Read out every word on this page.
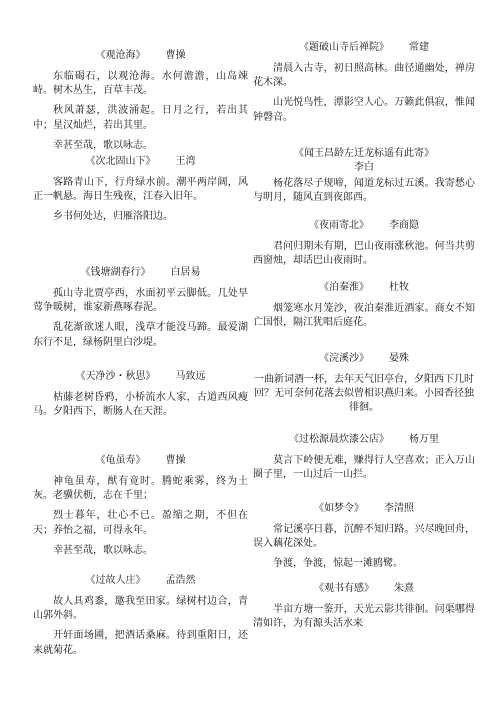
《观沧海》 曹操

东临碣石，以观沧海。水何澹澹，山岛竦峙。树木丛生，百草丰茂。

秋风萧瑟，洪波涌起。日月之行，若出其中；星汉灿烂，若出其里。

幸甚至哉，歌以咏志。

《次北固山下》 王湾

客路青山下，行舟绿水前。潮平两岸阔，风正一帆悬。海日生残夜，江春入旧年。

乡书何处达，归雁洛阳边。

《钱塘湖春行》 白居易

孤山寺北贾亭西，水面初平云脚低。几处早莺争暖树，谁家新燕啄春泥。

乱花渐欲迷人眼，浅草才能没马蹄。最爱湖东行不足，绿杨阴里白沙堤。

《天净沙・秋思》 马致远

枯藤老树昏鸦，小桥流水人家，古道西风瘦马。夕阳西下，断肠人在天涯。

《龟虽寿》 曹操

神龟虽寿，猷有竟时。腾蛇乘雾，终为土灰。老骥伏枥，志在千里；

烈士暮年，壮心不已。盈缩之期，不但在天；养怡之福，可得永年。

幸甚至哉，歌以咏志。

《过故人庄》 孟浩然

故人具鸡黍，邀我至田家。绿树村边合，青山郭外斜。

开轩面场圃，把酒话桑麻。待到重阳日，还来就菊花。

《题破山寺后禅院》 常建

清晨入古寺，初日照高林。曲径通幽处，禅房花木深。

山光悦鸟性，潭影空人心。万籁此俱寂，惟闻钟磬音。

《闻王昌龄左迁龙标遥有此寄》
李白

杨花落尽子规啼，闻道龙标过五溪。我寄愁心与明月，随风直到夜郎西。

《夜雨寄北》 李商隐

君问归期未有期，巴山夜雨涨秋池。何当共剪西窗烛，却话巴山夜雨时。

《泊秦淮》 杜牧

烟笼寒水月笼沙，夜泊秦淮近酒家。商女不知亡国恨，隔江犹唱后庭花。

《浣溪沙》 晏殊

一曲新词酒一杯，去年天气旧亭台，夕阳西下几时回？无可奈何花落去似曾相识燕归来。小园香径独徘徊。

《过松源晨炊漆公店》 杨万里

莫言下岭便无难，赚得行人空喜欢；正入万山圈子里，一山过后一山拦。

《如梦令》 李清照

常记溪亭日暮，沉醉不知归路。兴尽晚回舟，误入藕花深处。

争渡，争渡，惊起一滩鸥鹭。

《观书有感》 朱熹

半亩方塘一鉴开，天光云影共徘徊。问渠哪得清如许，为有源头活水来
